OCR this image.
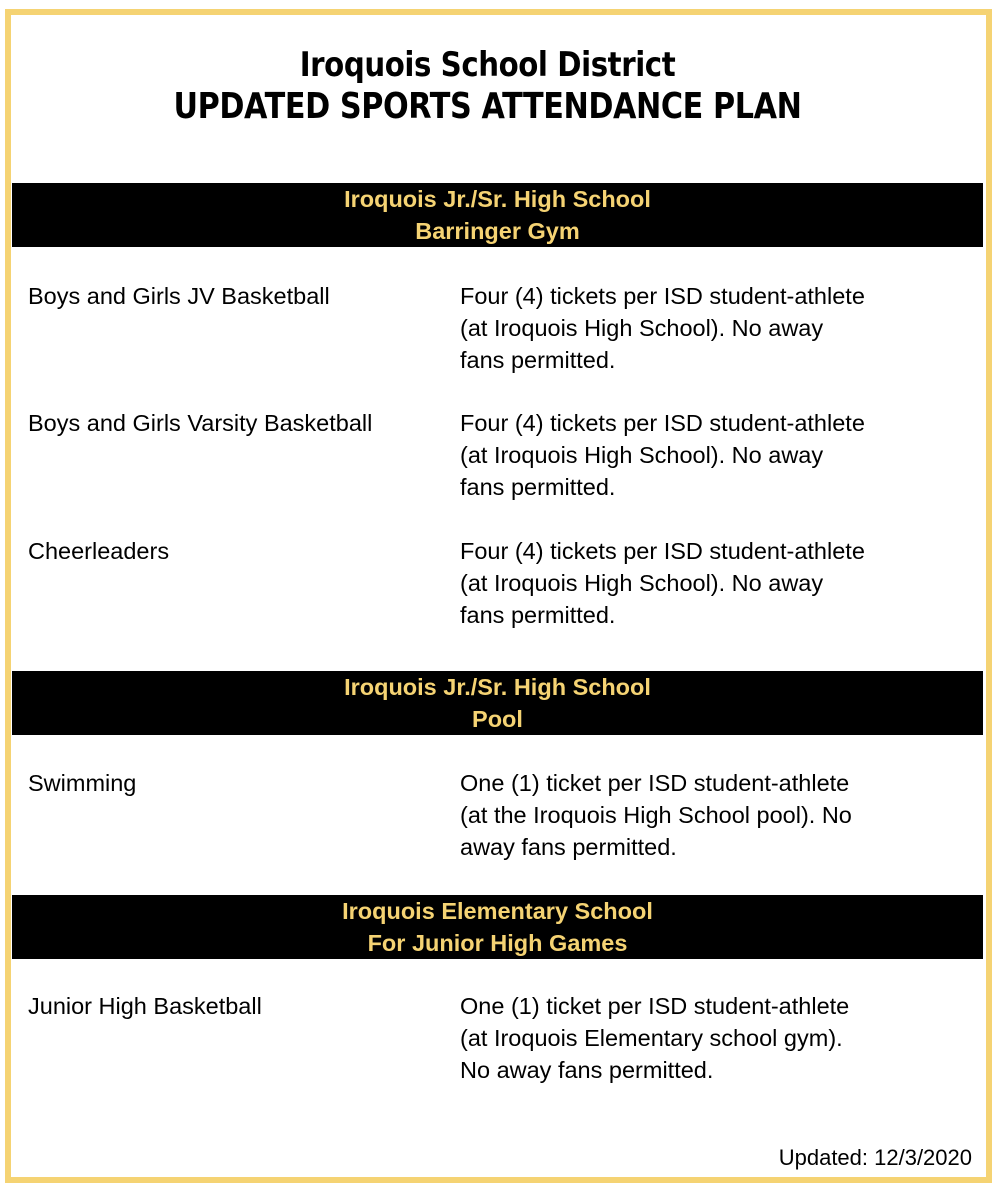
Iroquois School District
UPDATED SPORTS ATTENDANCE PLAN
Iroquois Jr./Sr. High School
Barringer Gym
Boys and Girls JV Basketball	Four (4) tickets per ISD student-athlete
(at Iroquois High School). No away
fans permitted.
Boys and Girls Varsity Basketball	Four (4) tickets per ISD student-athlete
(at Iroquois High School). No away
fans permitted.
Cheerleaders	Four (4) tickets per ISD student-athlete
(at Iroquois High School). No away
fans permitted.
Iroquois Jr./Sr. High School
Pool
Swimming	One (1) ticket per ISD student-athlete
(at the Iroquois High School pool). No
away fans permitted.
Iroquois Elementary School
For Junior High Games
Junior High Basketball	One (1) ticket per ISD student-athlete
(at Iroquois Elementary school gym).
No away fans permitted.
Updated: 12/3/2020
